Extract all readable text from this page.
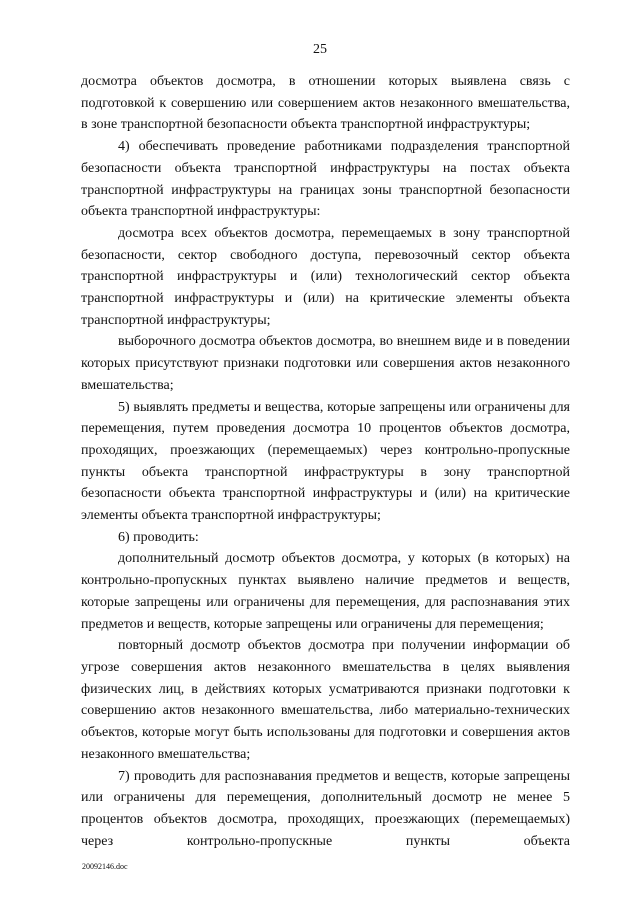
25

досмотра объектов досмотра, в отношении которых выявлена связь с подготовкой к совершению или совершением актов незаконного вмешательства, в зоне транспортной безопасности объекта транспортной инфраструктуры;

4) обеспечивать проведение работниками подразделения транспортной безопасности объекта транспортной инфраструктуры на постах объекта транспортной инфраструктуры на границах зоны транспортной безопасности объекта транспортной инфраструктуры:

досмотра всех объектов досмотра, перемещаемых в зону транспортной безопасности, сектор свободного доступа, перевозочный сектор объекта транспортной инфраструктуры и (или) технологический сектор объекта транспортной инфраструктуры и (или) на критические элементы объекта транспортной инфраструктуры;

выборочного досмотра объектов досмотра, во внешнем виде и в поведении которых присутствуют признаки подготовки или совершения актов незаконного вмешательства;

5) выявлять предметы и вещества, которые запрещены или ограничены для перемещения, путем проведения досмотра 10 процентов объектов досмотра, проходящих, проезжающих (перемещаемых) через контрольно-пропускные пункты объекта транспортной инфраструктуры в зону транспортной безопасности объекта транспортной инфраструктуры и (или) на критические элементы объекта транспортной инфраструктуры;

6) проводить:

дополнительный досмотр объектов досмотра, у которых (в которых) на контрольно-пропускных пунктах выявлено наличие предметов и веществ, которые запрещены или ограничены для перемещения, для распознавания этих предметов и веществ, которые запрещены или ограничены для перемещения;

повторный досмотр объектов досмотра при получении информации об угрозе совершения актов незаконного вмешательства в целях выявления физических лиц, в действиях которых усматриваются признаки подготовки к совершению актов незаконного вмешательства, либо материально-технических объектов, которые могут быть использованы для подготовки и совершения актов незаконного вмешательства;

7) проводить для распознавания предметов и веществ, которые запрещены или ограничены для перемещения, дополнительный досмотр не менее 5 процентов объектов досмотра, проходящих, проезжающих (перемещаемых) через контрольно-пропускные пункты объекта

20092146.doc
